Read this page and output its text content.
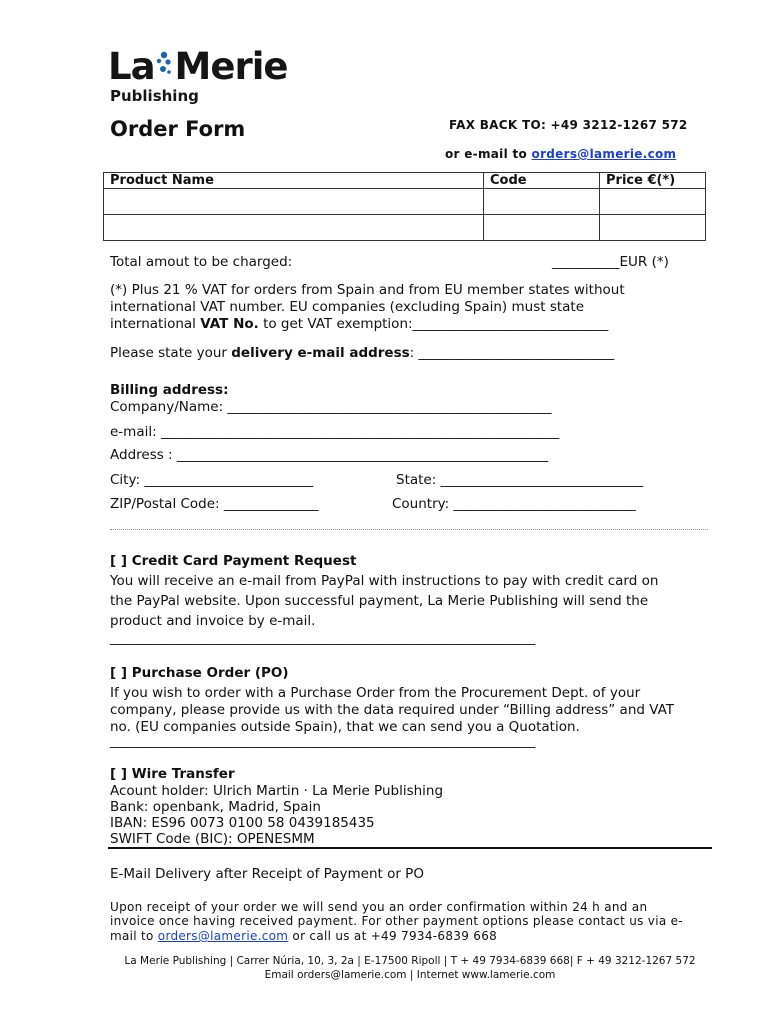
La Merie
Publishing
Order Form	FAX BACK TO: +49 3212-1267 572
or e-mail to orders@lamerie.com
Product Name	Code	Price €(*)

Total amout to be charged:	__________EUR (*)
(*) Plus 21 % VAT for orders from Spain and from EU member states without
international VAT number. EU companies (excluding Spain) must state
international VAT No. to get VAT exemption:_____________________________
Please state your delivery e-mail address: _____________________________
Billing address:
Company/Name: ________________________________________________
e-mail: ___________________________________________________________
Address : _______________________________________________________
City: _________________________	State: ______________________________
ZIP/Postal Code: ______________	Country: ___________________________
[ ] Credit Card Payment Request
You will receive an e-mail from PayPal with instructions to pay with credit card on
the PayPal website. Upon successful payment, La Merie Publishing will send the
product and invoice by e-mail.
_______________________________________________________________
[ ] Purchase Order (PO)
If you wish to order with a Purchase Order from the Procurement Dept. of your
company, please provide us with the data required under “Billing address” and VAT
no. (EU companies outside Spain), that we can send you a Quotation.
_______________________________________________________________
[ ] Wire Transfer
Acount holder: Ulrich Martin · La Merie Publishing
Bank: openbank, Madrid, Spain
IBAN: ES96 0073 0100 58 0439185435
SWIFT Code (BIC): OPENESMM
E-Mail Delivery after Receipt of Payment or PO
Upon receipt of your order we will send you an order confirmation within 24 h and an
invoice once having received payment. For other payment options please contact us via e-
mail to orders@lamerie.com or call us at +49 7934-6839 668
La Merie Publishing | Carrer Núria, 10, 3, 2a | E-17500 Ripoll | T + 49 7934-6839 668| F + 49 3212-1267 572
Email orders@lamerie.com | Internet www.lamerie.com
